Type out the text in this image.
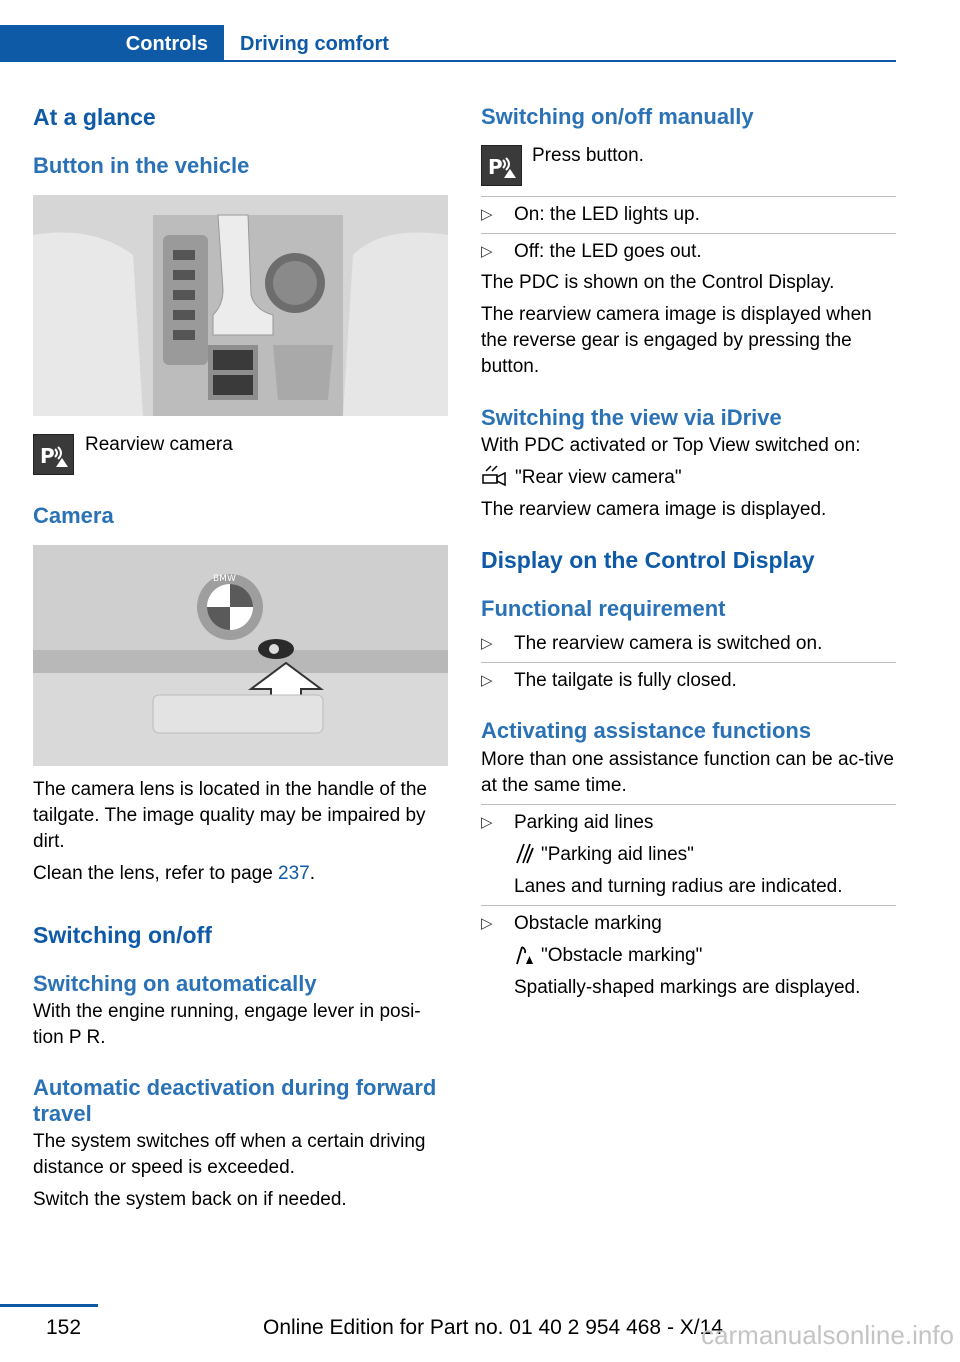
Controls Driving comfort
At a glance
Button in the vehicle
P Rearview camera
Camera
BMW

The camera lens is located in the handle of the tailgate. The image quality may be impaired by dirt.

Clean the lens, refer to page 237.

Switching on/off
Switching on automatically

With the engine running, engage lever in posi-tion P R.

Automatic deactivation during forward travel

The system switches off when a certain driving distance or speed is exceeded.

Switch the system back on if needed.

Switching on/off manually
P Press button.

▷ On: the LED lights up.

▷ Off: the LED goes out.

The PDC is shown on the Control Display.

The rearview camera image is displayed when the reverse gear is engaged by pressing the button.

Switching the view via iDrive

With PDC activated or Top View switched on:

"Rear view camera"

The rearview camera image is displayed.

Display on the Control Display
Functional requirement

▷ The rearview camera is switched on.

▷ The tailgate is fully closed.

Activating assistance functions

More than one assistance function can be ac-tive at the same time.

▷ Parking aid lines

"Parking aid lines"

Lanes and turning radius are indicated.

▷ Obstacle marking

"Obstacle marking"

Spatially-shaped markings are displayed.

152	Online Edition for Part no. 01 40 2 954 468 - X/14
carmanualsonline.info
